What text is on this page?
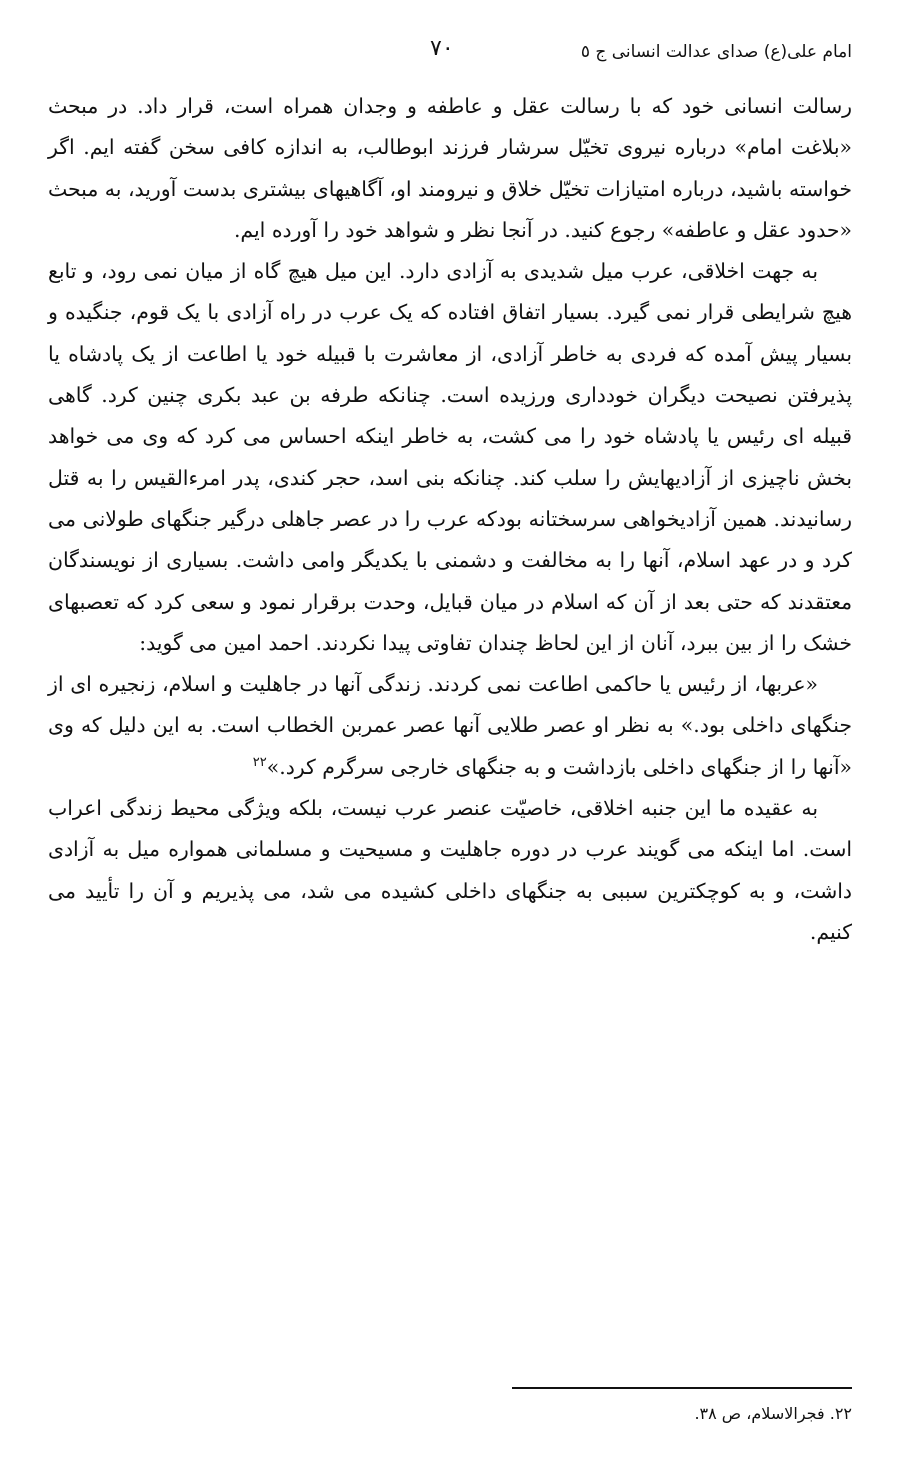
امام علی(ع) صدای عدالت انسانی ج ٥
٧٠

رسالت انسانی خود که با رسالت عقل و عاطفه و وجدان همراه است، قرار داد. در مبحث «بلاغت امام» درباره نیروی تخیّل سرشار فرزند ابوطالب، به اندازه کافی سخن گفته ایم. اگر خواسته باشید، درباره امتیازات تخیّل خلاق و نیرومند او، آگاهیهای بیشتری بدست آورید، به مبحث «حدود عقل و عاطفه» رجوع کنید. در آنجا نظر و شواهد خود را آورده ایم.

به جهت اخلاقی، عرب میل شدیدی به آزادی دارد. این میل هیچ گاه از میان نمی رود، و تابع هیچ شرایطی قرار نمی گیرد. بسیار اتفاق افتاده که یک عرب در راه آزادی با یک قوم، جنگیده و بسیار پیش آمده که فردی به خاطر آزادی، از معاشرت با قبیله خود یا اطاعت از یک پادشاه یا پذیرفتن نصیحت دیگران خودداری ورزیده است. چنانکه طرفه بن عبد بکری چنین کرد. گاهی قبیله ای رئیس یا پادشاه خود را می کشت، به خاطر اینکه احساس می کرد که وی می خواهد بخش ناچیزی از آزادیهایش را سلب کند. چنانکه بنی اسد، حجر کندی، پدر امرءالقیس را به قتل رسانیدند. همین آزادیخواهی سرسختانه بودکه عرب را در عصر جاهلی درگیر جنگهای طولانی می کرد و در عهد اسلام، آنها را به مخالفت و دشمنی با یکدیگر وامی داشت. بسیاری از نویسندگان معتقدند که حتی بعد از آن که اسلام در میان قبایل، وحدت برقرار نمود و سعی کرد که تعصبهای خشک را از بین ببرد، آنان از این لحاظ چندان تفاوتی پیدا نکردند. احمد امین می گوید:

«عربها، از رئیس یا حاکمی اطاعت نمی کردند. زندگی آنها در جاهلیت و اسلام، زنجیره ای از جنگهای داخلی بود.» به نظر او عصر طلایی آنها عصر عمربن الخطاب است. به این دلیل که وی «آنها را از جنگهای داخلی بازداشت و به جنگهای خارجی سرگرم کرد.»$^{٢٢}$

به عقیده ما این جنبه اخلاقی، خاصیّت عنصر عرب نیست، بلکه ویژگی محیط زندگی اعراب است. اما اینکه می گویند عرب در دوره جاهلیت و مسیحیت و مسلمانی همواره میل به آزادی داشت، و به کوچکترین سببی به جنگهای داخلی کشیده می شد، می پذیریم و آن را تأیید می کنیم.

٢٢. فجرالاسلام، ص ٣٨.
